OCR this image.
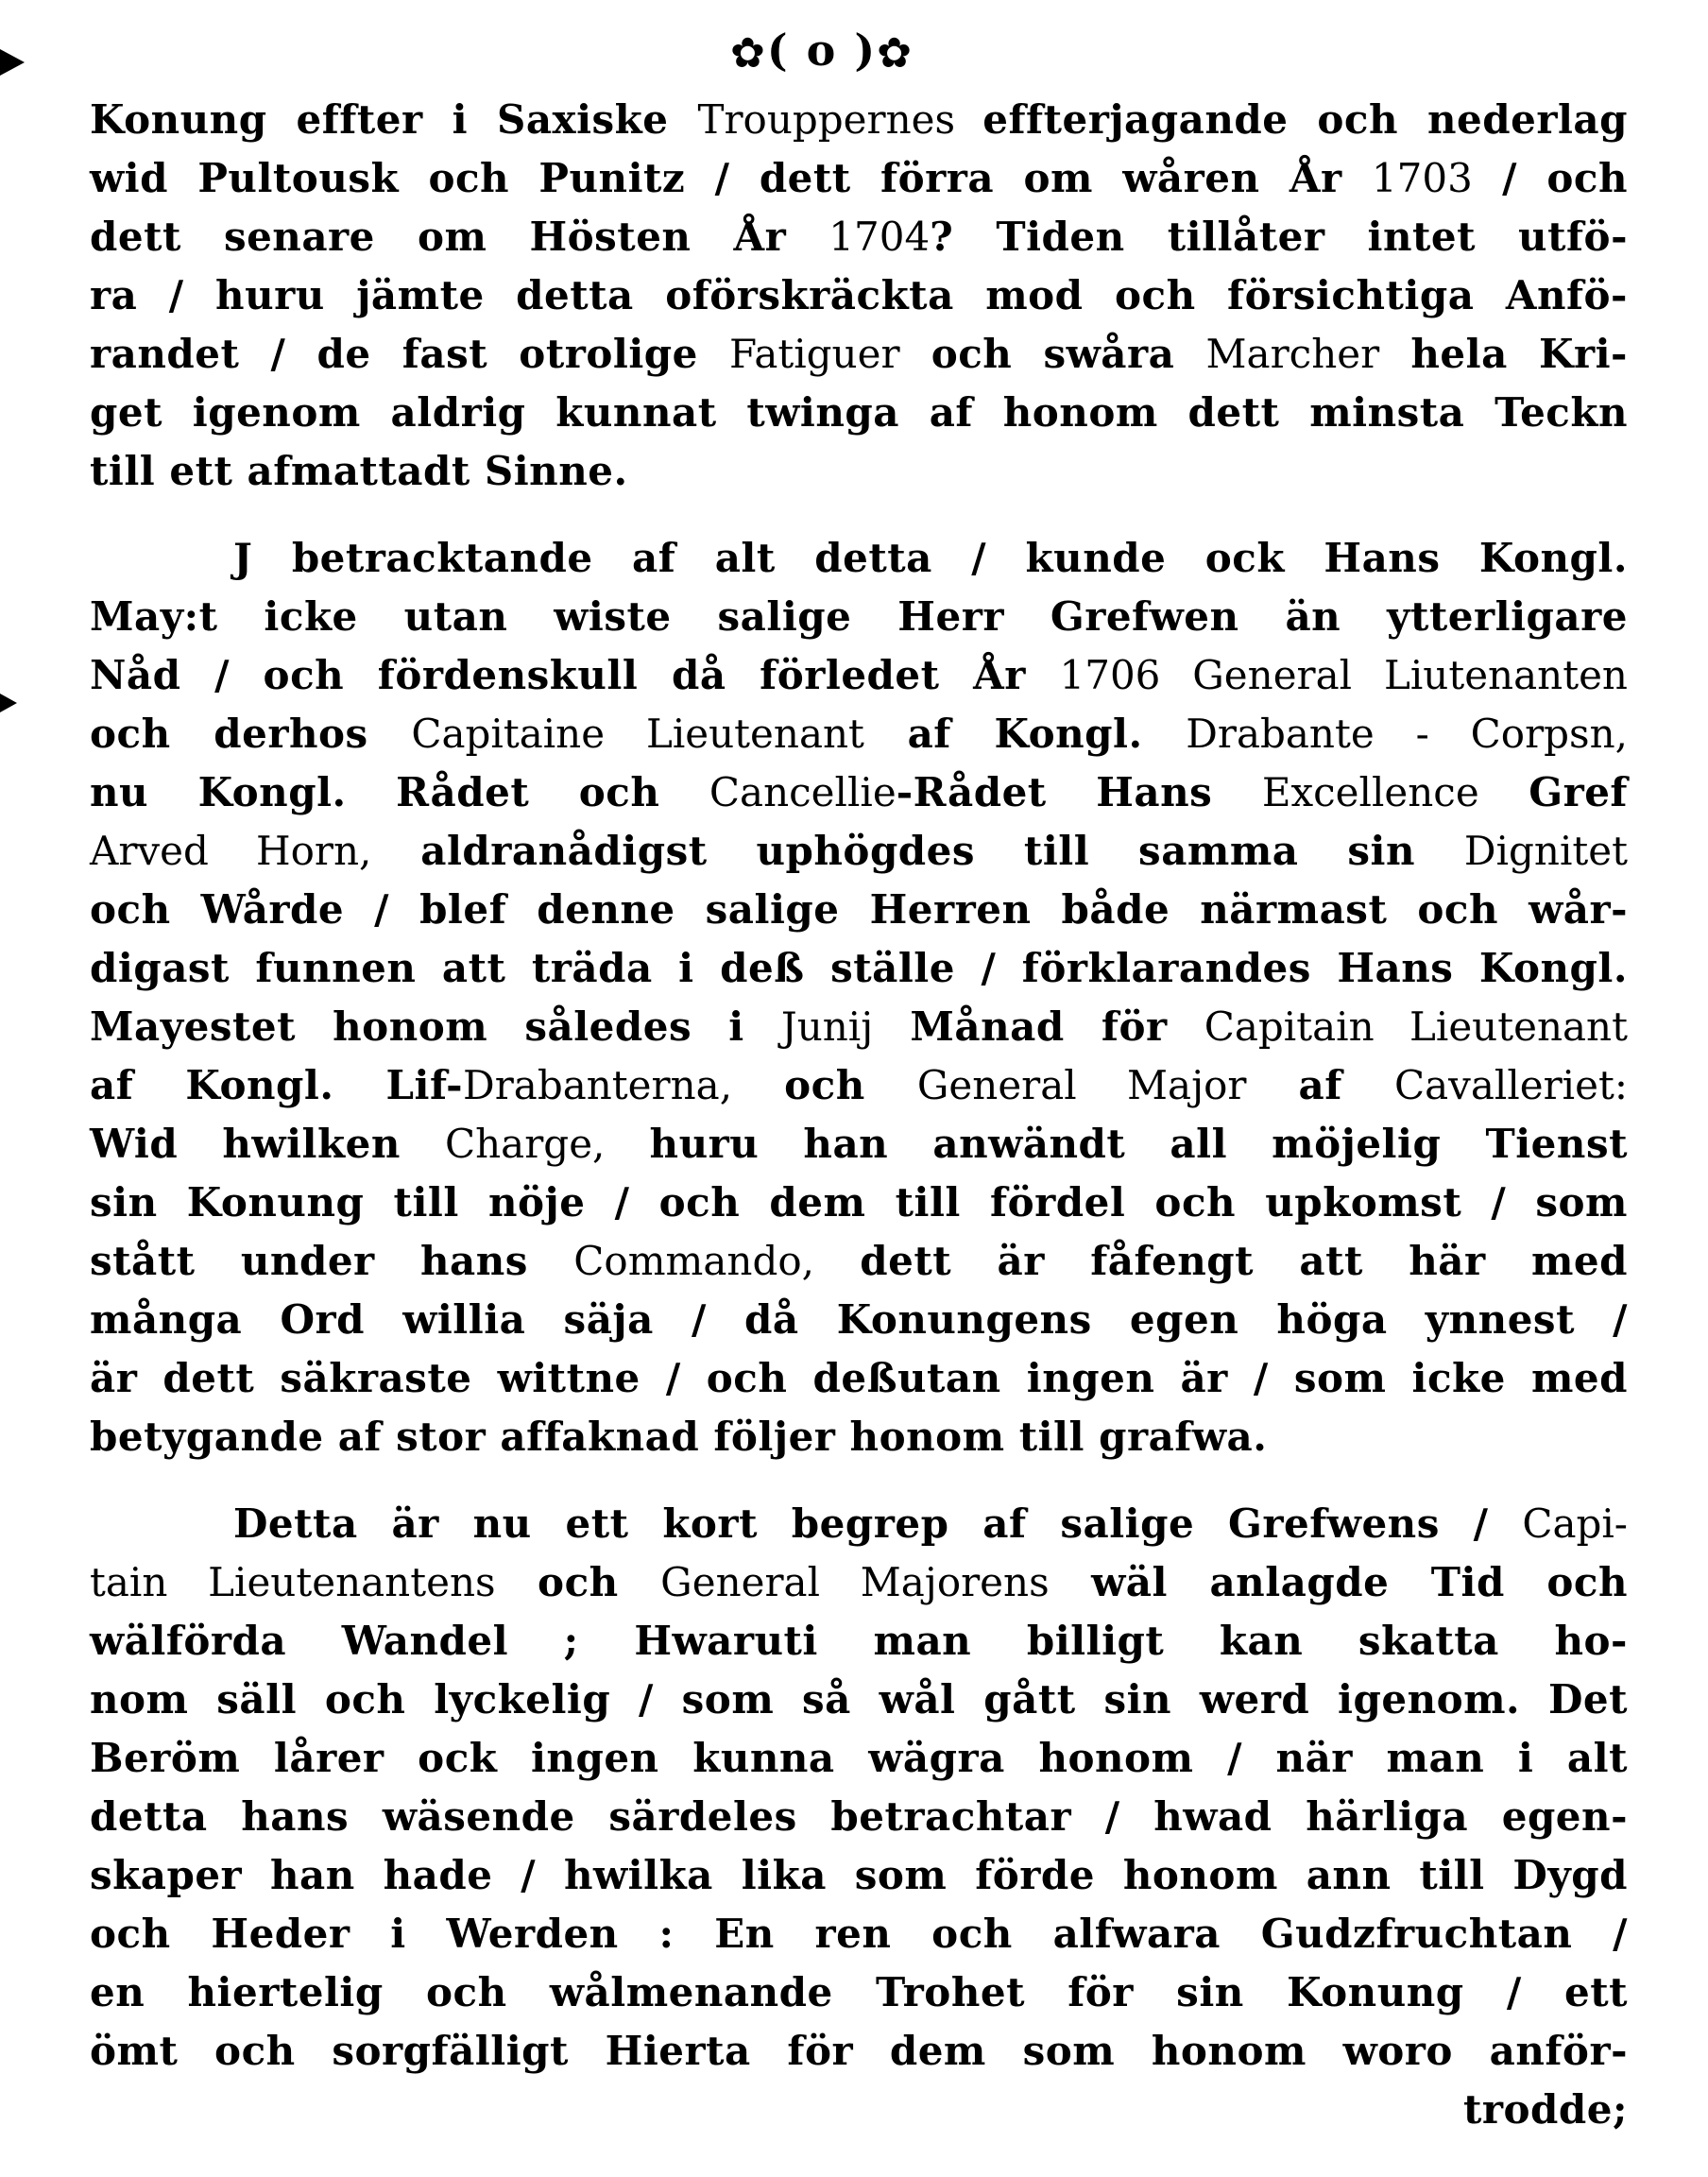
✿( o )✿
Konung effter i Saxiske Trouppernes effterjagande och nederlag
wid Pultousk och Punitz / dett förra om wåren År 1703 / och
dett senare om Hösten År 1704? Tiden tillåter intet utfö-
ra / huru jämte detta oförskräckta mod och försichtiga Anfö-
randet / de fast otrolige Fatiguer och swåra Marcher hela Kri-
get igenom aldrig kunnat twinga af honom dett minsta Teckn
till ett afmattadt Sinne.
J betracktande af alt detta / kunde ock Hans Kongl.
May:t icke utan wiste salige Herr Grefwen än ytterligare
Nåd / och fördenskull då förledet År 1706 General Liutenanten
och derhos Capitaine Lieutenant af Kongl. Drabante - Corpsn,
nu Kongl. Rådet och Cancellie-Rådet Hans Excellence Gref
Arved Horn, aldranådigst uphögdes till samma sin Dignitet
och Wårde / blef denne salige Herren både närmast och wår-
digast funnen att träda i deß ställe / förklarandes Hans Kongl.
Mayestet honom således i Junij Månad för Capitain Lieutenant
af Kongl. Lif-Drabanterna, och General Major af Cavalleriet:
Wid hwilken Charge, huru han anwändt all möjelig Tienst
sin Konung till nöje / och dem till fördel och upkomst / som
stått under hans Commando, dett är fåfengt att här med
många Ord willia säja / då Konungens egen höga ynnest /
är dett säkraste wittne / och deßutan ingen är / som icke med
betygande af stor affaknad följer honom till grafwa.
Detta är nu ett kort begrep af salige Grefwens / Capi-
tain Lieutenantens och General Majorens wäl anlagde Tid och
wälförda Wandel ; Hwaruti man billigt kan skatta ho-
nom säll och lyckelig / som så wål gått sin werd igenom. Det
Beröm lårer ock ingen kunna wägra honom / när man i alt
detta hans wäsende särdeles betrachtar / hwad härliga egen-
skaper han hade / hwilka lika som förde honom ann till Dygd
och Heder i Werden : En ren och alfwara Gudzfruchtan /
en hiertelig och wålmenande Trohet för sin Konung / ett
ömt och sorgfälligt Hierta för dem som honom woro anför-
trodde;
